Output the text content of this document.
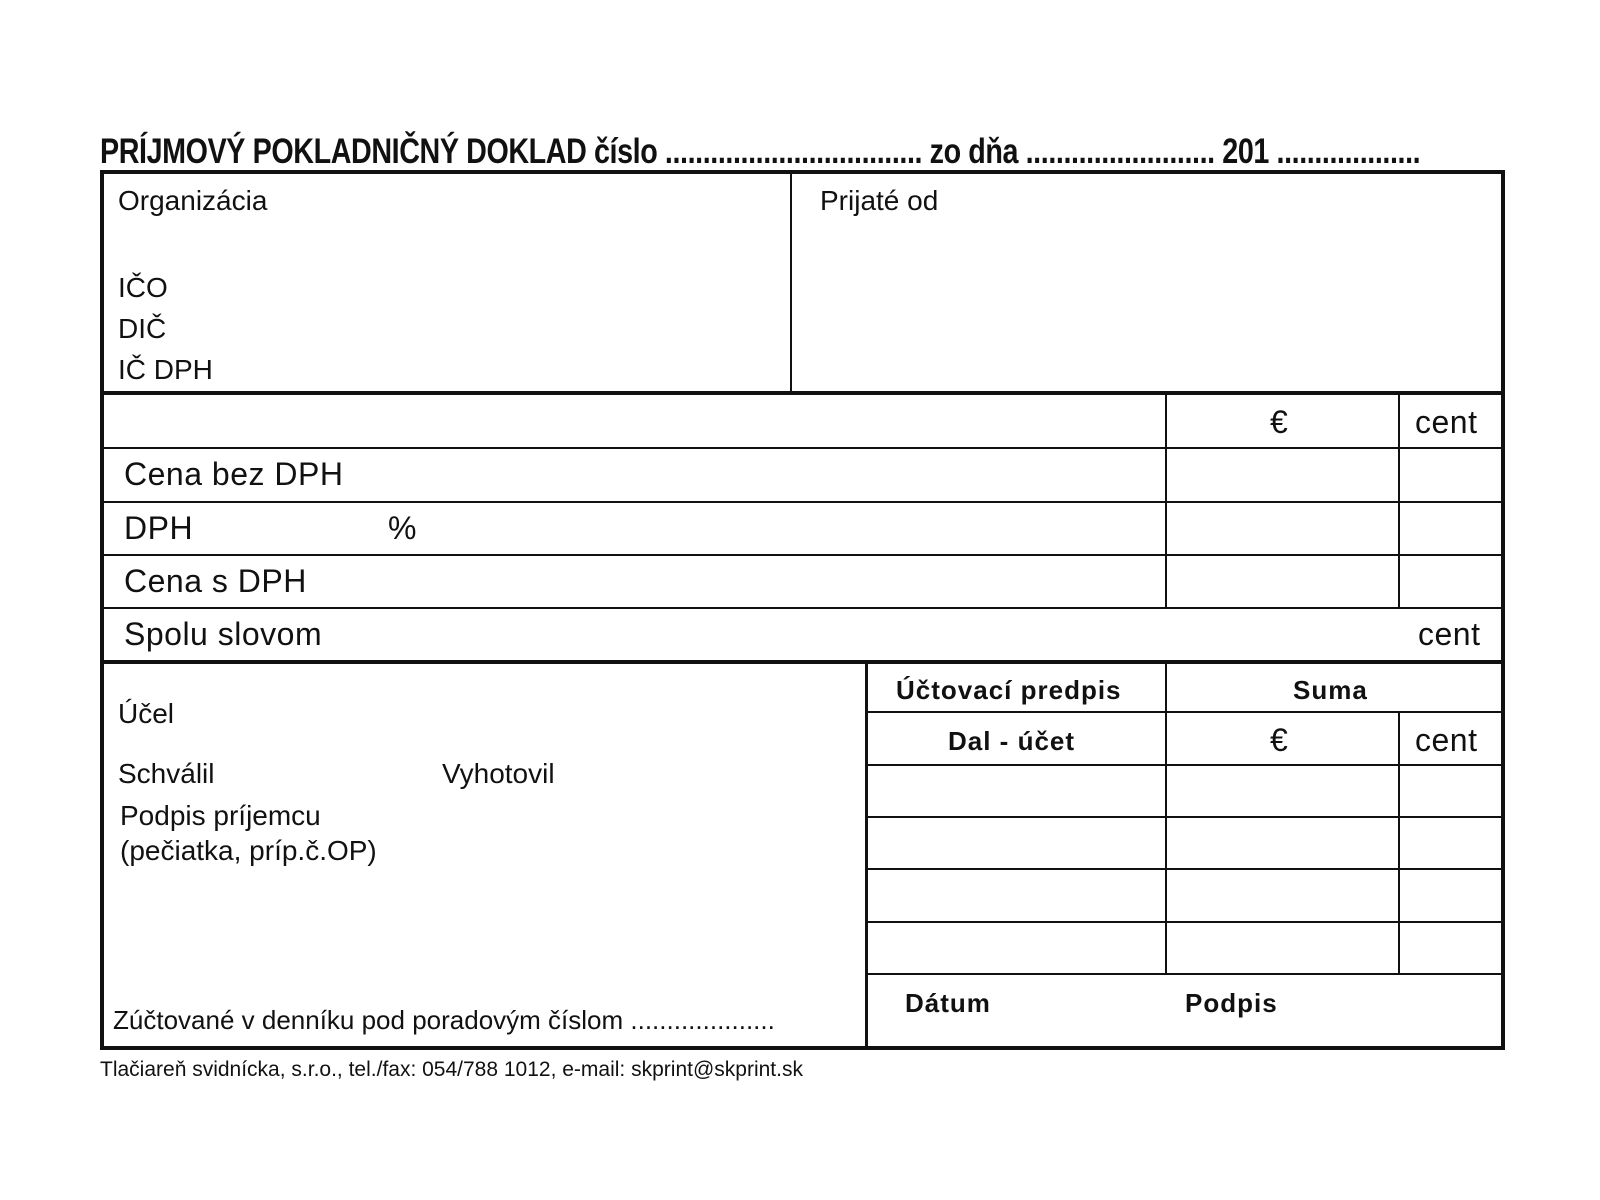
PRÍJMOVÝ POKLADNIČNÝ DOKLAD číslo .................................. zo dňa ......................... 201 ...................
Organizácia
IČO
DIČ
IČ DPH
Prijaté od
€	cent
Cena bez DPH
DPH	%
Cena s DPH
Spolu slovom	cent
Účel
Schválil	Vyhotovil
Podpis príjemcu
(pečiatka, príp.č.OP)
Zúčtované v denníku pod poradovým číslom ....................
Účtovací predpis	Suma
Dal - účet	€	cent
Dátum	Podpis
Tlačiareň svidnícka, s.r.o., tel./fax: 054/788 1012, e-mail: skprint@skprint.sk
